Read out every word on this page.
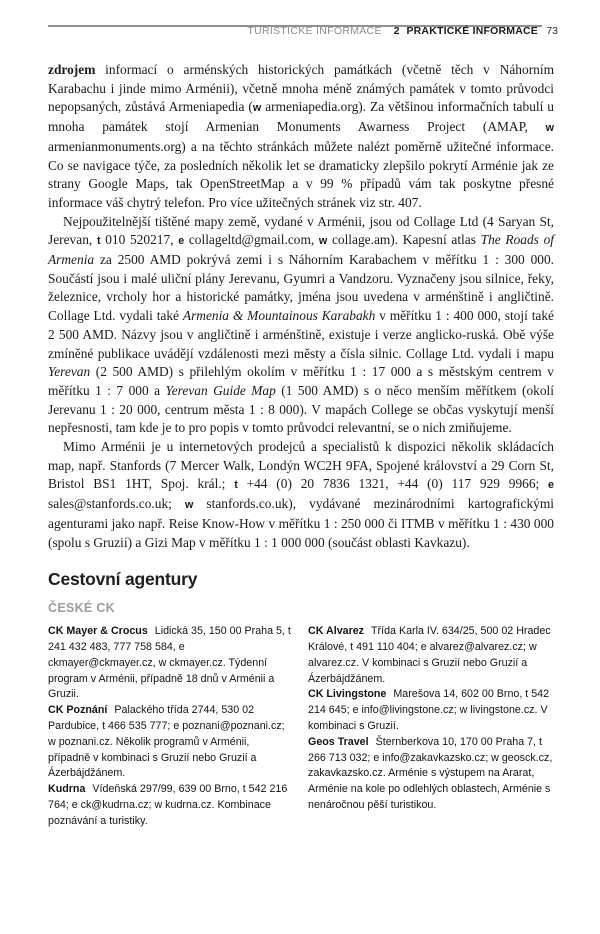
TURISTICKÉ INFORMACE 2 PRAKTICKÉ INFORMACE 73

zdrojem informací o arménských historických památkách (včetně těch v Náhorním Karabachu i jinde mimo Arménii), včetně mnoha méně známých památek v tomto průvodci nepopsaných, zůstává Armeniapedia (w armeniapedia.org). Za většinou informačních tabulí u mnoha památek stojí Armenian Monuments Awarness Project (AMAP, w armenianmonuments.org) a na těchto stránkách můžete nalézt poměrně užitečné informace. Co se navigace týče, za posledních několik let se dramaticky zlepšilo pokrytí Arménie jak ze strany Google Maps, tak OpenStreetMap a v 99 % případů vám tak poskytne přesné informace váš chytrý telefon. Pro více užitečných stránek viz str. 407.

Nejpoužitelnější tištěné mapy země, vydané v Arménii, jsou od Collage Ltd (4 Saryan St, Jerevan, t 010 520217, e collageltd@gmail.com, w collage.am). Kapesní atlas The Roads of Armenia za 2500 AMD pokrývá zemi i s Náhorním Karabachem v měřítku 1 : 300 000. Součástí jsou i malé uliční plány Jerevanu, Gyumri a Vandzoru. Vyznačeny jsou silnice, řeky, železnice, vrcholy hor a historické památky, jména jsou uvedena v arménštině i angličtině. Collage Ltd. vydali také Armenia & Mountainous Karabakh v měřítku 1 : 400 000, stojí také 2 500 AMD. Názvy jsou v angličtině i arménštině, existuje i verze anglicko-ruská. Obě výše zmíněné publikace uvádějí vzdálenosti mezi městy a čísla silnic. Collage Ltd. vydali i mapu Yerevan (2 500 AMD) s přilehlým okolím v měřítku 1 : 17 000 a s městským centrem v měřítku 1 : 7 000 a Yerevan Guide Map (1 500 AMD) s o něco menším měřítkem (okolí Jerevanu 1 : 20 000, centrum města 1 : 8 000). V mapách College se občas vyskytují menší nepřesnosti, tam kde je to pro popis v tomto průvodci relevantní, se o nich zmiňujeme.

Mimo Arménii je u internetových prodejců a specialistů k dispozici několik skládacích map, např. Stanfords (7 Mercer Walk, Londýn WC2H 9FA, Spojené království a 29 Corn St, Bristol BS1 1HT, Spoj. král.; t +44 (0) 20 7836 1321, +44 (0) 117 929 9966; e sales@stanfords.co.uk; w stanfords.co.uk), vydávané mezinárodními kartografickými agenturami jako např. Reise Know-How v měřítku 1 : 250 000 či ITMB v měřítku 1 : 430 000 (spolu s Gruzií) a Gizi Map v měřítku 1 : 1 000 000 (součást oblasti Kavkazu).

Cestovní agentury
ČESKÉ CK

CK Mayer & Crocus Lidická 35, 150 00 Praha 5, t 241 432 483, 777 758 584, e ckmayer@ckmayer.cz, w ckmayer.cz. Týdenní program v Arménii, případně 18 dnů v Arménii a Gruzii.

CK Poznání Palackého třída 2744, 530 02 Pardubice, t 466 535 777; e poznani@poznani.cz; w poznani.cz. Několik programů v Arménii, případně v kombinaci s Gruzií nebo Gruzií a Ázerbájdžánem.

Kudrna Vídeňská 297/99, 639 00 Brno, t 542 216 764; e ck@kudrna.cz; w kudrna.cz. Kombinace poznávání a turistiky.

CK Alvarez Třída Karla IV. 634/25, 500 02 Hradec Králové, t 491 110 404; e alvarez@alvarez.cz; w alvarez.cz. V kombinaci s Gruzií nebo Gruzií a Ázerbájdžánem.

CK Livingstone Marešova 14, 602 00 Brno, t 542 214 645; e info@livingstone.cz; w livingstone.cz. V kombinaci s Gruzií.

Geos Travel Šternberkova 10, 170 00 Praha 7, t 266 713 032; e info@zakavkazsko.cz; w geosck.cz, zakavkazsko.cz. Arménie s výstupem na Ararat, Arménie na kole po odlehlých oblastech, Arménie s nenáročnou pěší turistikou.
